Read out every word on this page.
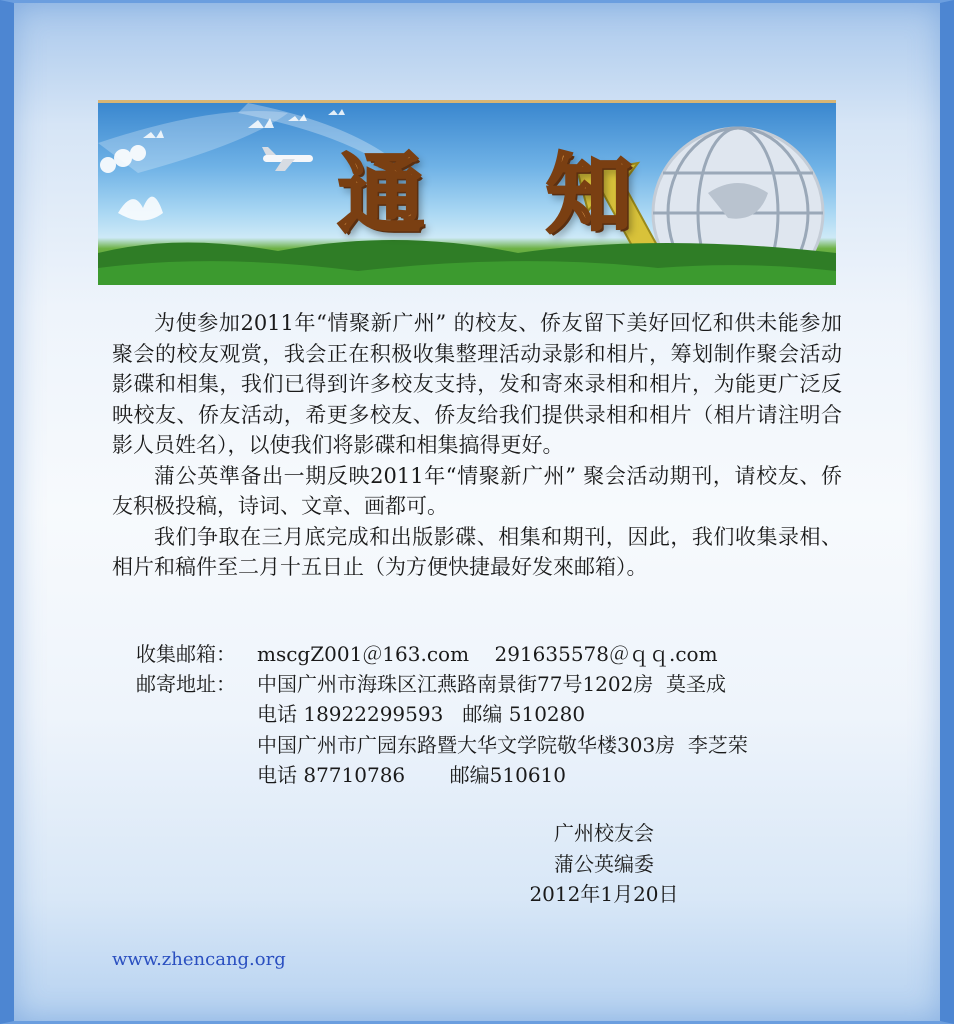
通 知

为使参加2011年“情聚新广州” 的校友、侨友留下美好回忆和供未能参加聚会的校友观赏，我会正在积极收集整理活动录影和相片，筹划制作聚会活动影碟和相集，我们已得到许多校友支持，发和寄來录相和相片，为能更广泛反映校友、侨友活动，希更多校友、侨友给我们提供录相和相片（相片请注明合影人员姓名），以使我们将影碟和相集搞得更好。

蒲公英準备出一期反映2011年“情聚新广州” 聚会活动期刊，请校友、侨友积极投稿，诗词、文章、画都可。

我们争取在三月底完成和出版影碟、相集和期刊，因此，我们收集录相、相片和稿件至二月十五日止（为方便快捷最好发來邮箱）。

收集邮箱：	mscgZ001＠163.com    291635578＠ｑｑ.com
邮寄地址：	中国广州市海珠区江燕路南景街77号1202房  莫圣成
电话 18922299593   邮编 510280
中国广州市广园东路暨大华文学院敬华楼303房  李芝荣
电话 87710786       邮编510610
广州校友会
蒲公英编委
2012年1月20日
www.zhencang.org
